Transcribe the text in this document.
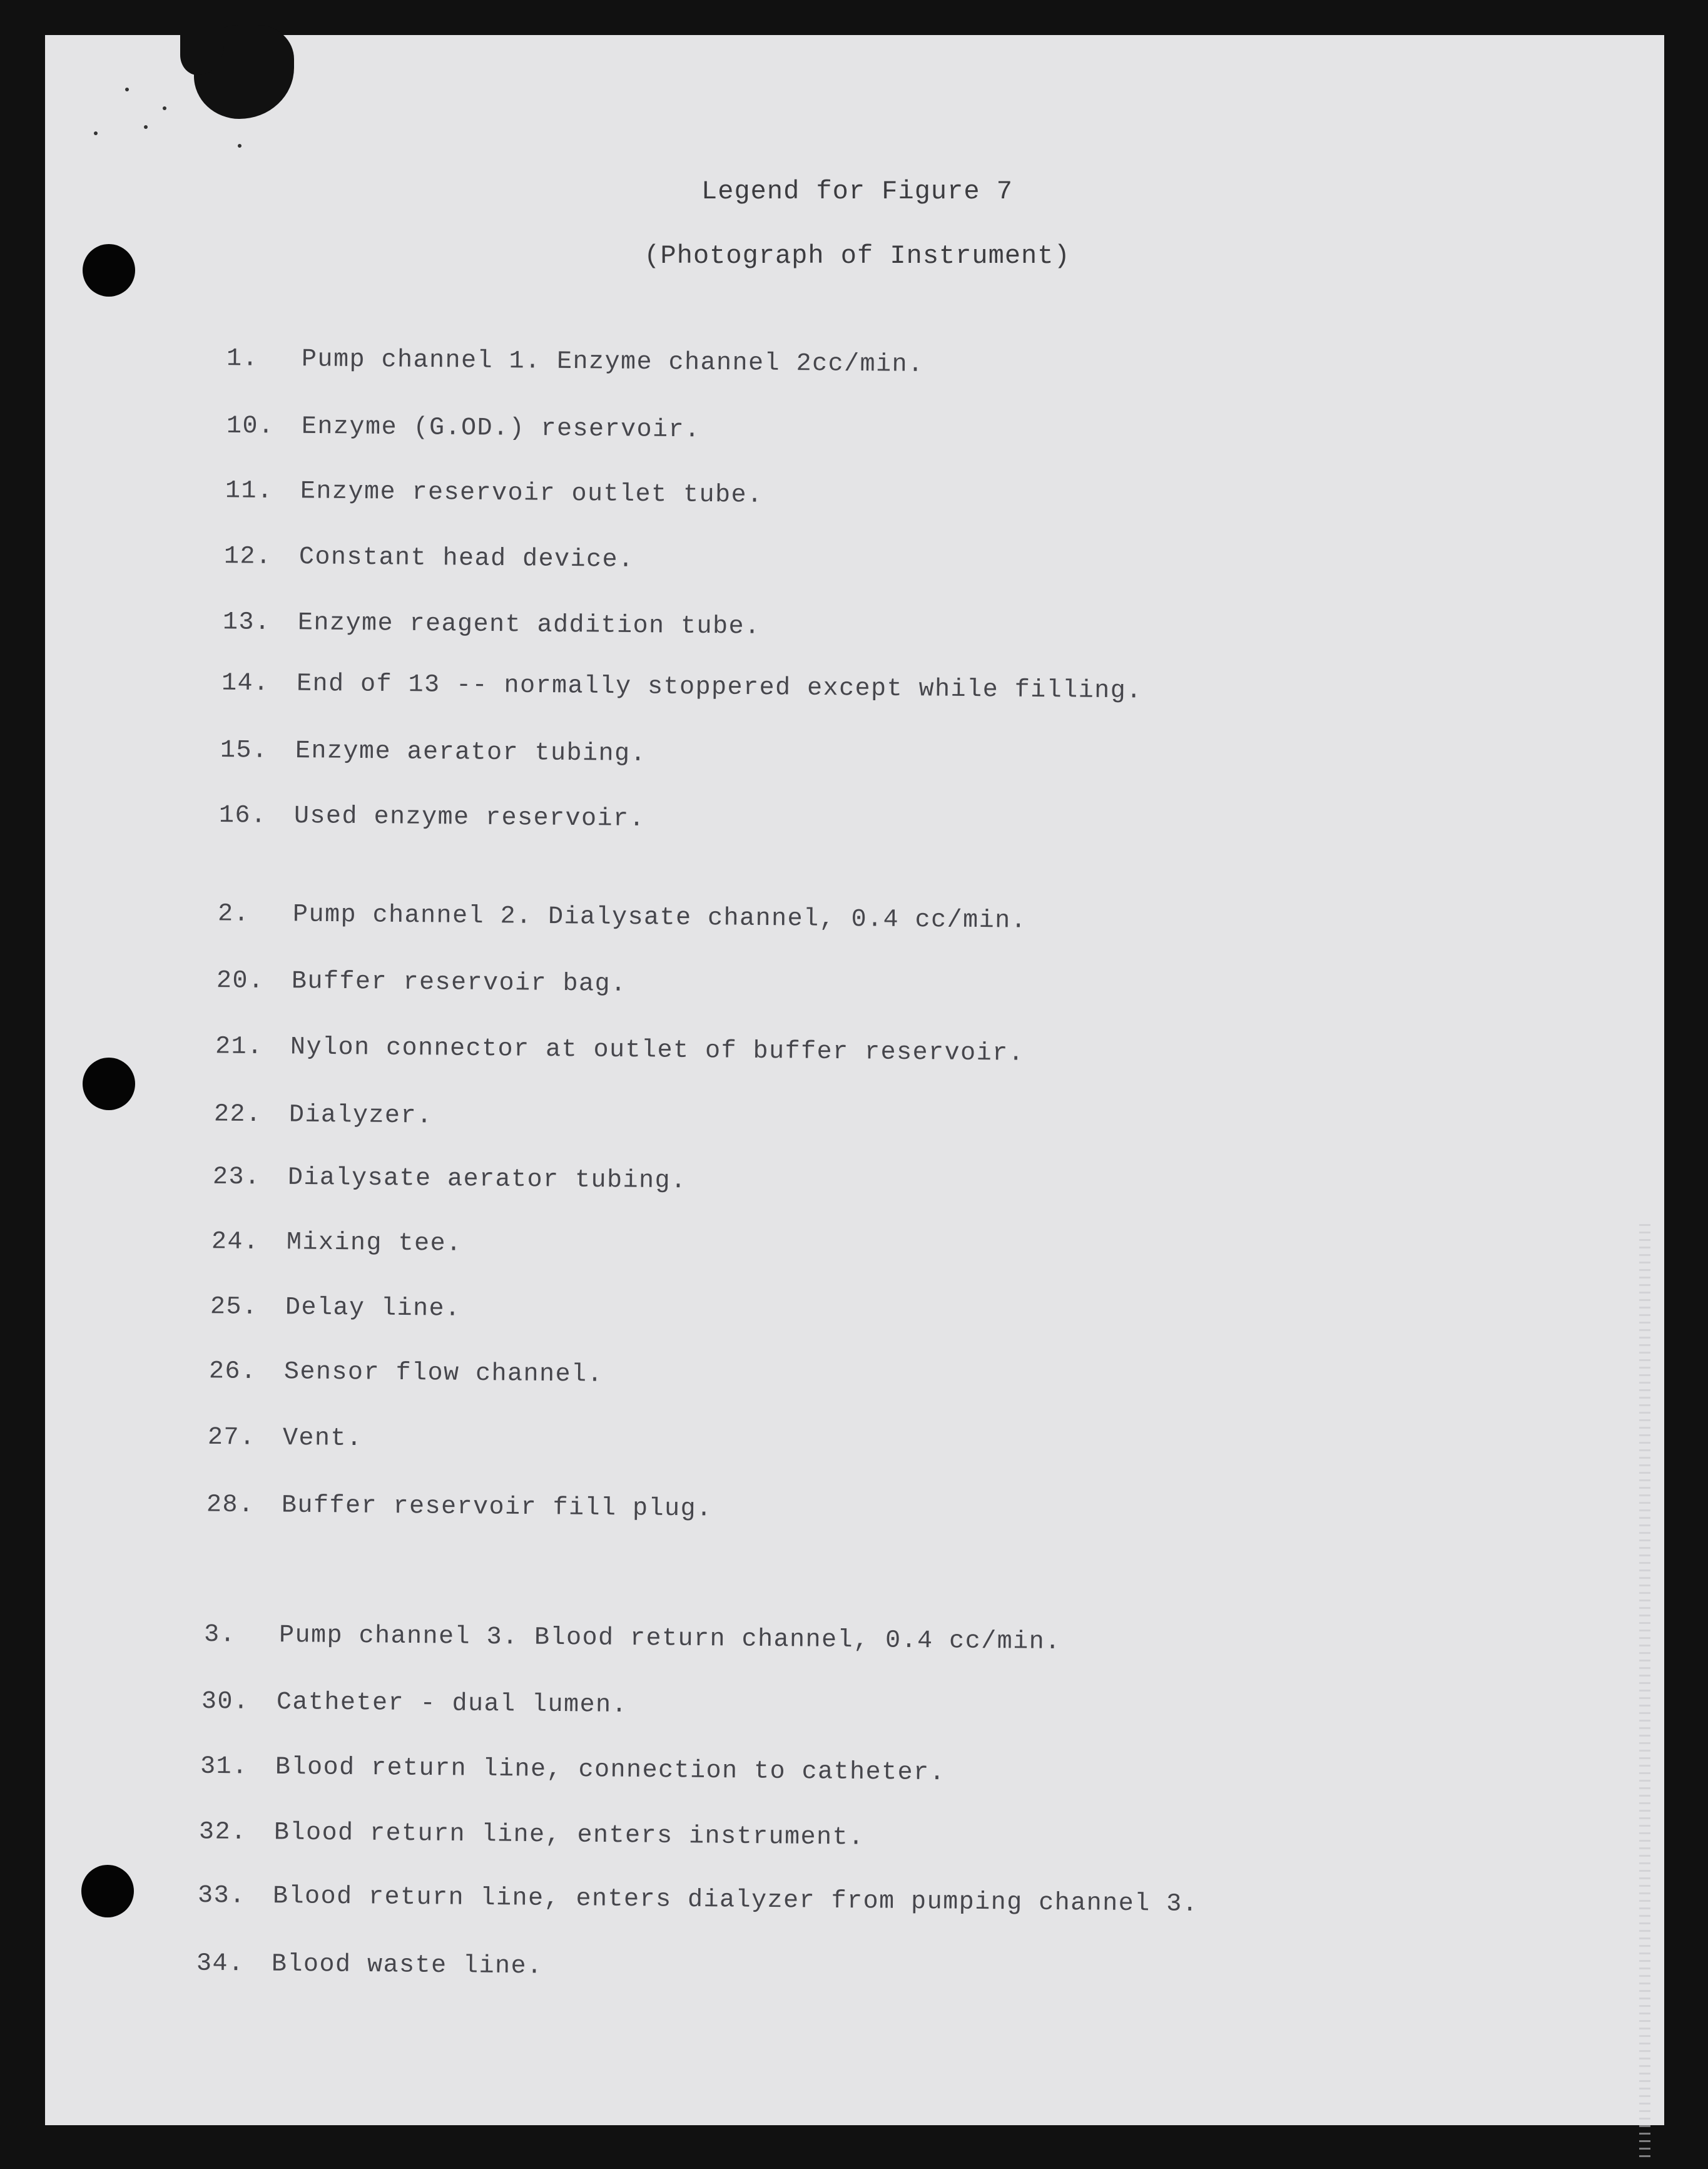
Legend for Figure 7
(Photograph of Instrument)
1. Pump channel 1. Enzyme channel 2cc/min.
10. Enzyme (G.OD.) reservoir.
11. Enzyme reservoir outlet tube.
12. Constant head device.
13. Enzyme reagent addition tube.
14. End of 13 -- normally stoppered except while filling.
15. Enzyme aerator tubing.
16. Used enzyme reservoir.
2. Pump channel 2. Dialysate channel, 0.4 cc/min.
20. Buffer reservoir bag.
21. Nylon connector at outlet of buffer reservoir.
22. Dialyzer.
23. Dialysate aerator tubing.
24. Mixing tee.
25. Delay line.
26. Sensor flow channel.
27. Vent.
28. Buffer reservoir fill plug.
3. Pump channel 3. Blood return channel, 0.4 cc/min.
30. Catheter - dual lumen.
31. Blood return line, connection to catheter.
32. Blood return line, enters instrument.
33. Blood return line, enters dialyzer from pumping channel 3.
34. Blood waste line.
